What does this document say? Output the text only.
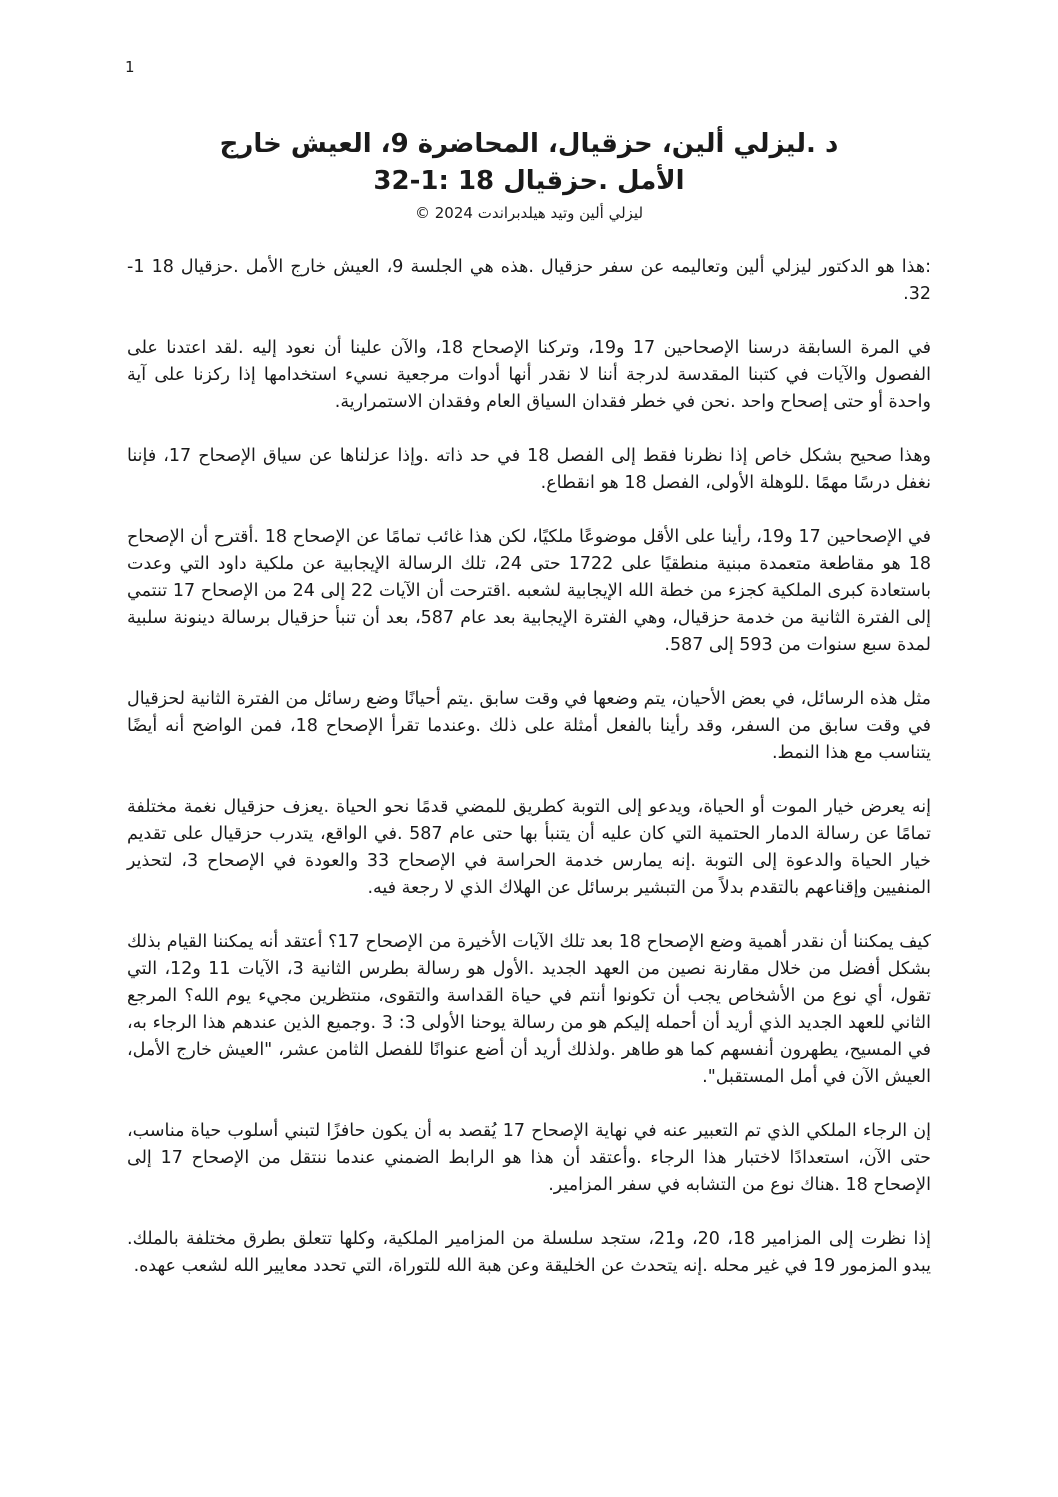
1
د .ليزلي ألين، حزقيال، المحاضرة 9، العيش خارج
الأمل .حزقيال 18 :1-32
ليزلي ألين وتيد هيلدبراندت 2024 ©

:هذا هو الدكتور ليزلي ألين وتعاليمه عن سفر حزقيال .هذه هي الجلسة 9، العيش خارج الأمل .حزقيال 18 1-32.

في المرة السابقة درسنا الإصحاحين 17 و19، وتركنا الإصحاح 18، والآن علينا أن نعود إليه .لقد اعتدنا على الفصول والآيات في كتبنا المقدسة لدرجة أننا لا نقدر أنها أدوات مرجعية نسيء استخدامها إذا ركزنا على آية واحدة أو حتى إصحاح واحد .نحن في خطر فقدان السياق العام وفقدان الاستمرارية.

وهذا صحيح بشكل خاص إذا نظرنا فقط إلى الفصل 18 في حد ذاته .وإذا عزلناها عن سياق الإصحاح 17، فإننا نغفل درسًا مهمًا .للوهلة الأولى، الفصل 18 هو انقطاع.

في الإصحاحين 17 و19، رأينا على الأقل موضوعًا ملكيًا، لكن هذا غائب تمامًا عن الإصحاح 18 .أقترح أن الإصحاح 18 هو مقاطعة متعمدة مبنية منطقيًا على 1722 حتى 24، تلك الرسالة الإيجابية عن ملكية داود التي وعدت باستعادة كبرى الملكية كجزء من خطة الله الإيجابية لشعبه .اقترحت أن الآيات 22 إلى 24 من الإصحاح 17 تنتمي إلى الفترة الثانية من خدمة حزقيال، وهي الفترة الإيجابية بعد عام 587، بعد أن تنبأ حزقيال برسالة دينونة سلبية لمدة سبع سنوات من 593 إلى 587.

مثل هذه الرسائل، في بعض الأحيان، يتم وضعها في وقت سابق .يتم أحيانًا وضع رسائل من الفترة الثانية لحزقيال في وقت سابق من السفر، وقد رأينا بالفعل أمثلة على ذلك .وعندما تقرأ الإصحاح 18، فمن الواضح أنه أيضًا يتناسب مع هذا النمط.

إنه يعرض خيار الموت أو الحياة، ويدعو إلى التوبة كطريق للمضي قدمًا نحو الحياة .يعزف حزقيال نغمة مختلفة تمامًا عن رسالة الدمار الحتمية التي كان عليه أن يتنبأ بها حتى عام 587 .في الواقع، يتدرب حزقيال على تقديم خيار الحياة والدعوة إلى التوبة .إنه يمارس خدمة الحراسة في الإصحاح 33 والعودة في الإصحاح 3، لتحذير المنفيين وإقناعهم بالتقدم بدلاً من التبشير برسائل عن الهلاك الذي لا رجعة فيه.

كيف يمكننا أن نقدر أهمية وضع الإصحاح 18 بعد تلك الآيات الأخيرة من الإصحاح 17؟ أعتقد أنه يمكننا القيام بذلك بشكل أفضل من خلال مقارنة نصين من العهد الجديد .الأول هو رسالة بطرس الثانية 3، الآيات 11 و12، التي تقول، أي نوع من الأشخاص يجب أن تكونوا أنتم في حياة القداسة والتقوى، منتظرين مجيء يوم الله؟ المرجع الثاني للعهد الجديد الذي أريد أن أحمله إليكم هو من رسالة يوحنا الأولى 3: 3 .وجميع الذين عندهم هذا الرجاء به، في المسيح، يطهرون أنفسهم كما هو طاهر .ولذلك أريد أن أضع عنوانًا للفصل الثامن عشر، "العيش خارج الأمل، العيش الآن في أمل المستقبل".

إن الرجاء الملكي الذي تم التعبير عنه في نهاية الإصحاح 17 يُقصد به أن يكون حافزًا لتبني أسلوب حياة مناسب، حتى الآن، استعدادًا لاختبار هذا الرجاء .وأعتقد أن هذا هو الرابط الضمني عندما ننتقل من الإصحاح 17 إلى الإصحاح 18 .هناك نوع من التشابه في سفر المزامير.

إذا نظرت إلى المزامير 18، 20، و21، ستجد سلسلة من المزامير الملكية، وكلها تتعلق بطرق مختلفة بالملك. يبدو المزمور 19 في غير محله .إنه يتحدث عن الخليقة وعن هبة الله للتوراة، التي تحدد معايير الله لشعب عهده.
